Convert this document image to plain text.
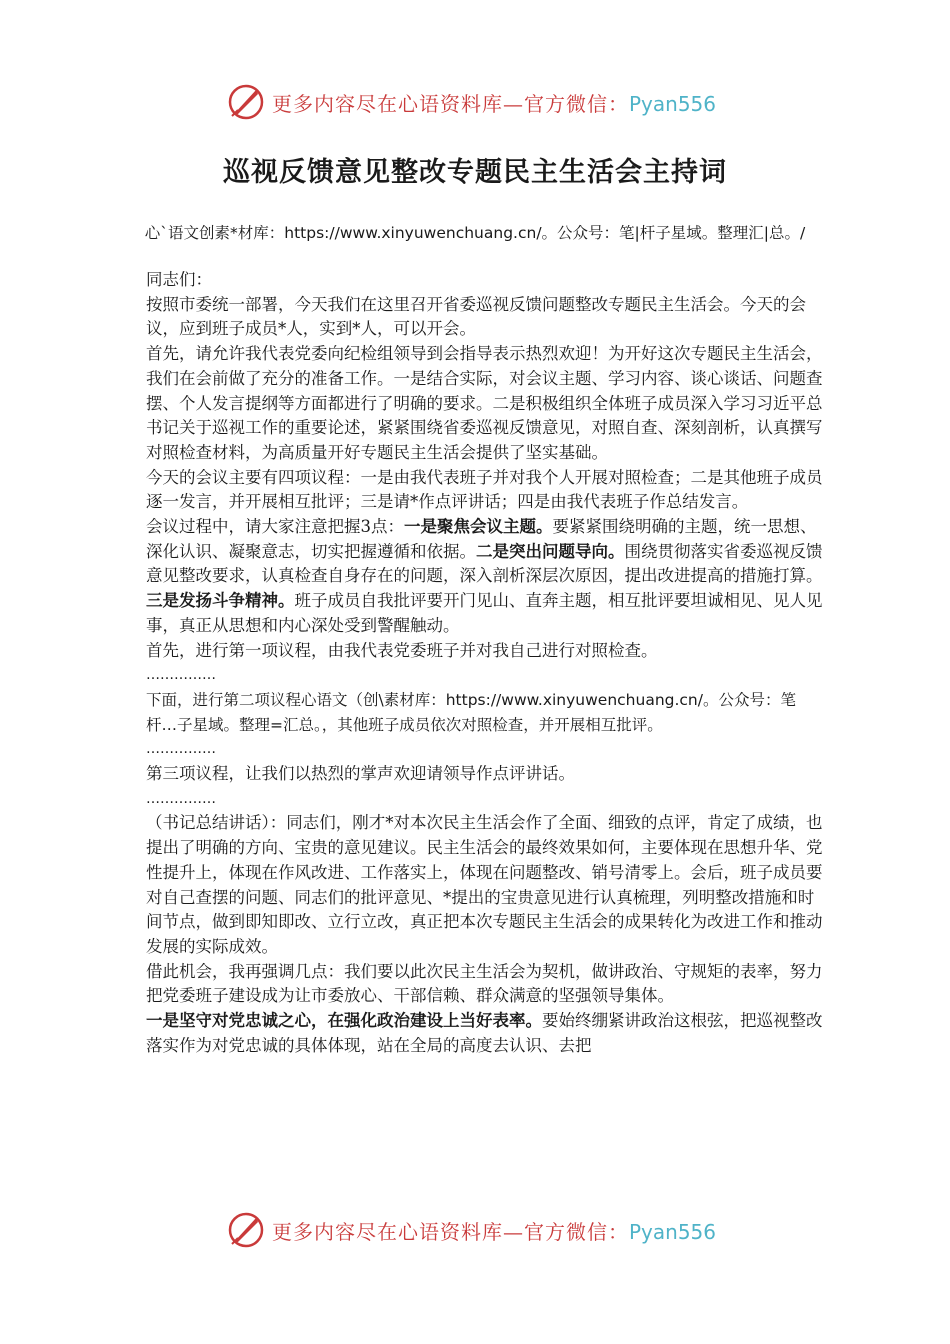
更多内容尽在心语资料库—官方微信：Pyan556
巡视反馈意见整改专题民主生活会主持词
心`语文创素*材库：https://www.xinyuwenchuang.cn/。公众号：笔|杆子星域。整理汇|总。/

同志们：

按照市委统一部署，今天我们在这里召开省委巡视反馈问题整改专题民主生活会。今天的会议，应到班子成员*人，实到*人，可以开会。

首先，请允许我代表党委向纪检组领导到会指导表示热烈欢迎！为开好这次专题民主生活会，我们在会前做了充分的准备工作。一是结合实际，对会议主题、学习内容、谈心谈话、问题查摆、个人发言提纲等方面都进行了明确的要求。二是积极组织全体班子成员深入学习习近平总书记关于巡视工作的重要论述，紧紧围绕省委巡视反馈意见，对照自查、深刻剖析，认真撰写对照检查材料，为高质量开好专题民主生活会提供了坚实基础。

今天的会议主要有四项议程：一是由我代表班子并对我个人开展对照检查；二是其他班子成员逐一发言，并开展相互批评；三是请*作点评讲话；四是由我代表班子作总结发言。

会议过程中，请大家注意把握3点：一是聚焦会议主题。要紧紧围绕明确的主题，统一思想、深化认识、凝聚意志，切实把握遵循和依据。二是突出问题导向。围绕贯彻落实省委巡视反馈意见整改要求，认真检查自身存在的问题，深入剖析深层次原因，提出改进提高的措施打算。三是发扬斗争精神。班子成员自我批评要开门见山、直奔主题，相互批评要坦诚相见、见人见事，真正从思想和内心深处受到警醒触动。

首先，进行第一项议程，由我代表党委班子并对我自己进行对照检查。

……………

下面，进行第二项议程心语文（创\素材库：https://www.xinyuwenchuang.cn/。公众号：笔杆…子星域。整理=汇总。，其他班子成员依次对照检查，并开展相互批评。

……………

第三项议程，让我们以热烈的掌声欢迎请领导作点评讲话。

……………

（书记总结讲话）：同志们，刚才*对本次民主生活会作了全面、细致的点评，肯定了成绩，也提出了明确的方向、宝贵的意见建议。民主生活会的最终效果如何，主要体现在思想升华、党性提升上，体现在作风改进、工作落实上，体现在问题整改、销号清零上。会后，班子成员要对自己查摆的问题、同志们的批评意见、*提出的宝贵意见进行认真梳理，列明整改措施和时间节点，做到即知即改、立行立改，真正把本次专题民主生活会的成果转化为改进工作和推动发展的实际成效。

借此机会，我再强调几点：我们要以此次民主生活会为契机，做讲政治、守规矩的表率，努力把党委班子建设成为让市委放心、干部信赖、群众满意的坚强领导集体。

一是坚守对党忠诚之心，在强化政治建设上当好表率。要始终绷紧讲政治这根弦，把巡视整改落实作为对党忠诚的具体体现，站在全局的高度去认识、去把

更多内容尽在心语资料库—官方微信：Pyan556
